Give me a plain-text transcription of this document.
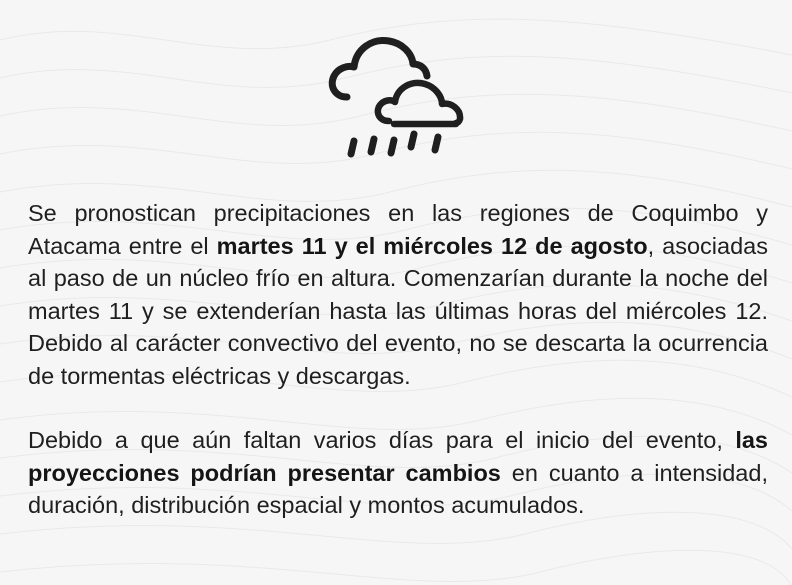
Se pronostican precipitaciones en las regiones de Coquimbo y Atacama entre el martes 11 y el miércoles 12 de agosto, asociadas al paso de un núcleo frío en altura. Comenzarían durante la noche del martes 11 y se extenderían hasta las últimas horas del miércoles 12. Debido al carácter convectivo del evento, no se descarta la ocurrencia de tormentas eléctricas y descargas.

Debido a que aún faltan varios días para el inicio del evento, las proyecciones podrían presentar cambios en cuanto a intensidad, duración, distribución espacial y montos acumulados.
